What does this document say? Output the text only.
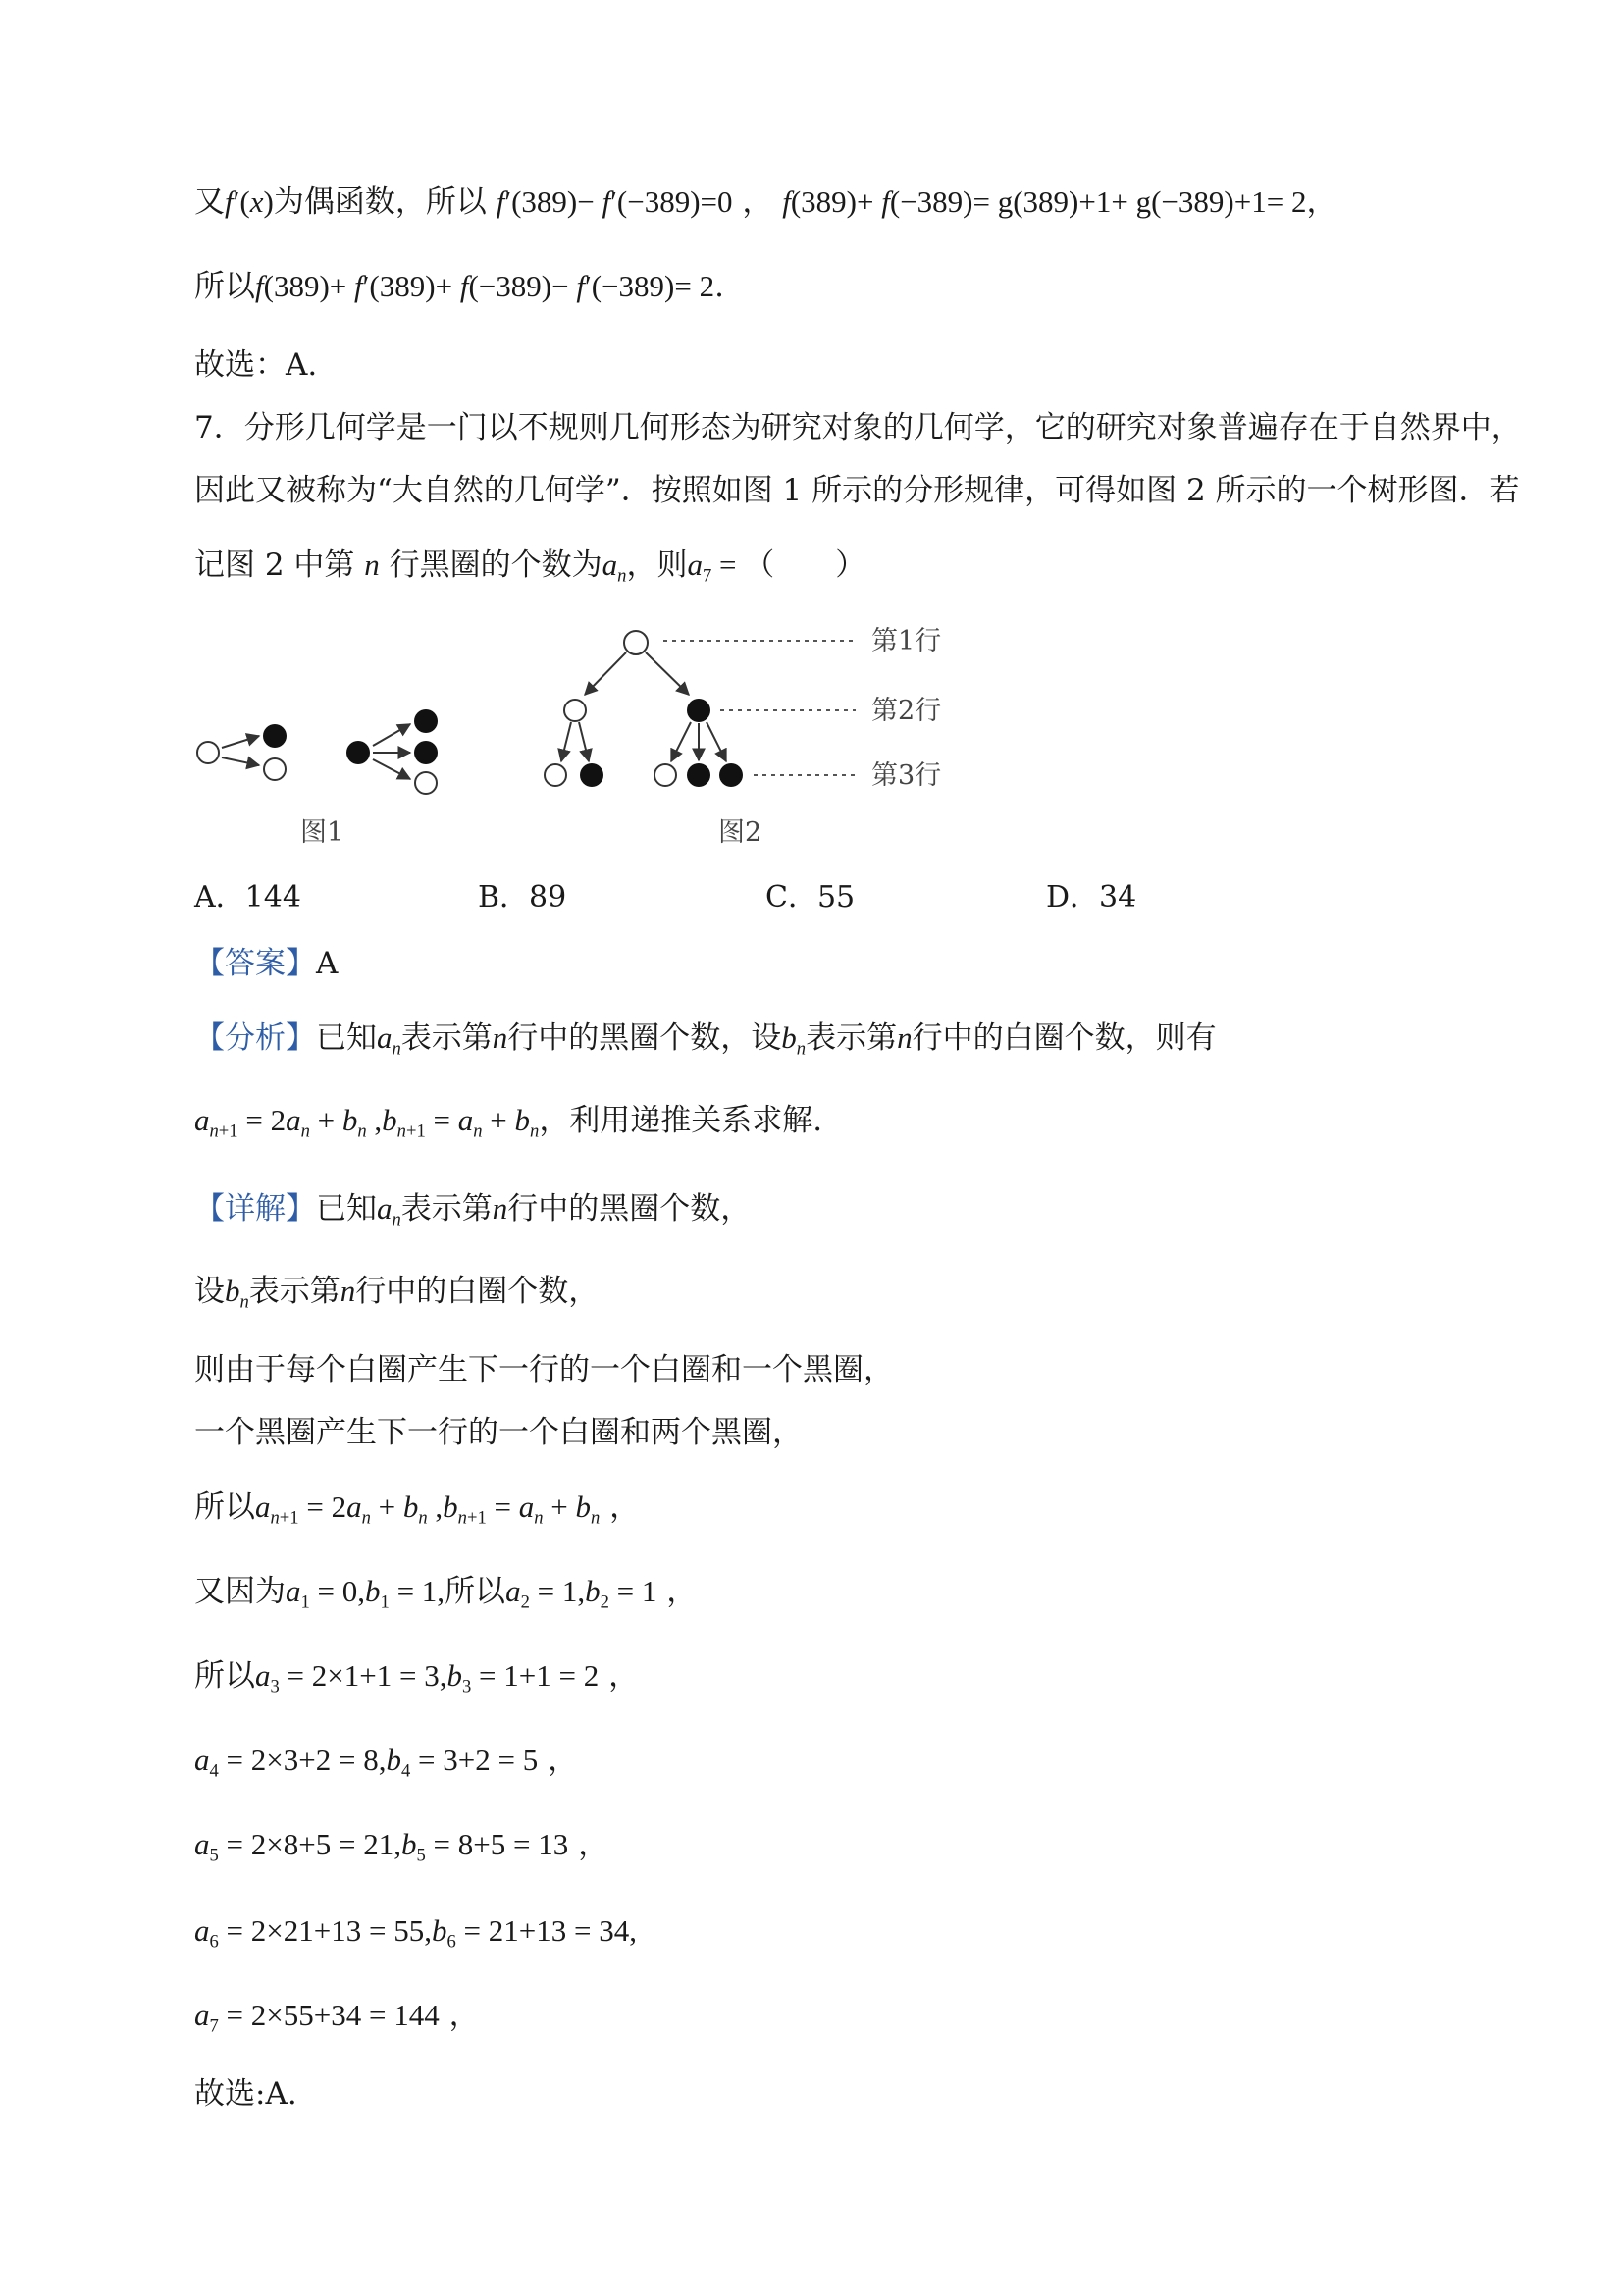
又f′(x)为偶函数，所以 f′(389)− f′(−389)=0 ， f(389)+ f(−389)= g(389)+1+ g(−389)+1= 2，
所以f(389)+ f′(389)+ f(−389)− f′(−389)= 2.
故选：A.
7．分形几何学是一门以不规则几何形态为研究对象的几何学，它的研究对象普遍存在于自然界中，
因此又被称为“大自然的几何学”．按照如图 1 所示的分形规律，可得如图 2 所示的一个树形图．若
记图 2 中第 n 行黑圈的个数为$a_n$，则$a_7$ = （　　）
图1
第1行
第2行
第3行
图2
A．144	B．89	C．55	D．34
【答案】A
【分析】已知$a_n$表示第n行中的黑圈个数，设$b_n$表示第n行中的白圈个数，则有
$a_{n+1} = 2a_n + b_n$ $,b_{n+1} = a_n + b_n$，利用递推关系求解.
【详解】已知$a_n$表示第n行中的黑圈个数，
设$b_n$表示第n行中的白圈个数，
则由于每个白圈产生下一行的一个白圈和一个黑圈，
一个黑圈产生下一行的一个白圈和两个黑圈，
所以$a_{n+1} = 2a_n + b_n$ $,b_{n+1} = a_n + b_n$ ，
又因为$a_1 = 0,b_1 = 1$,所以$a_2 = 1,b_2 = 1$ ，
所以$a_3 = 2\times 1+1 = 3,b_3 = 1+1 = 2$ ，
$a_4 = 2\times 3+2 = 8,b_4 = 3+2 = 5$ ，
$a_5 = 2\times 8+5 = 21,b_5 = 8+5 = 13$ ，
$a_6 = 2\times 21+13 = 55,b_6 = 21+13 = 34$,
$a_7 = 2\times 55+34 = 144$ ，
故选:A.
